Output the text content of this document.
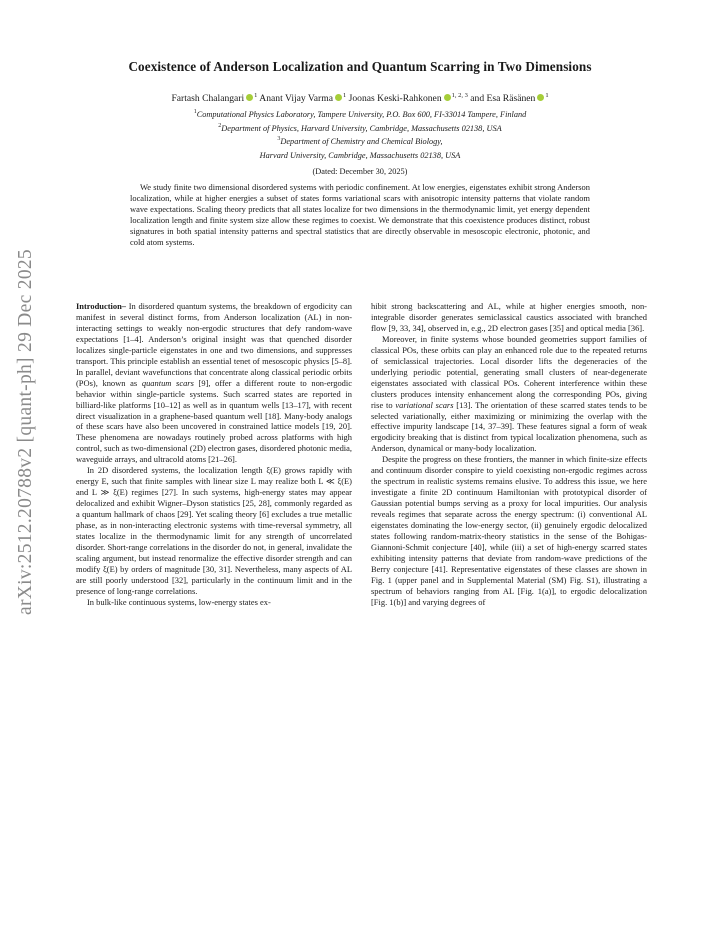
arXiv:2512.20788v2 [quant-ph] 29 Dec 2025
Coexistence of Anderson Localization and Quantum Scarring in Two Dimensions
Fartash Chalangari $^1$ Anant Vijay Varma $^1$ Joonas Keski-Rahkonen $^{1, 2, 3}$ and Esa Räsänen $^1$
$^1$Computational Physics Laboratory, Tampere University, P.O. Box 600, FI-33014 Tampere, Finland
$^2$Department of Physics, Harvard University, Cambridge, Massachusetts 02138, USA
$^3$Department of Chemistry and Chemical Biology,
Harvard University, Cambridge, Massachusetts 02138, USA
(Dated: December 30, 2025)
We study finite two dimensional disordered systems with periodic confinement. At low energies, eigenstates exhibit strong Anderson localization, while at higher energies a subset of states forms variational scars with anisotropic intensity patterns that violate random wave expectations. Scaling theory predicts that all states localize for two dimensions in the thermodynamic limit, yet energy dependent localization length and finite system size allow these regimes to coexist. We demonstrate that this coexistence produces distinct, robust signatures in both spatial intensity patterns and spectral statistics that are directly observable in mesoscopic electronic, photonic, and cold atom systems.

Introduction– In disordered quantum systems, the breakdown of ergodicity can manifest in several distinct forms, from Anderson localization (AL) in non-interacting settings to weakly non-ergodic structures that defy random-wave expectations [1–4]. Anderson’s original insight was that quenched disorder localizes single-particle eigenstates in one and two dimensions, and suppresses transport. This principle establish an essential tenet of mesoscopic physics [5–8]. In parallel, deviant wavefunctions that concentrate along classical periodic orbits (POs), known as quantum scars [9], offer a different route to non-ergodic behavior within single-particle systems. Such scarred states are reported in billiard-like platforms [10–12] as well as in quantum wells [13–17], with recent direct visualization in a graphene-based quantum well [18]. Many-body analogs of these scars have also been uncovered in constrained lattice models [19, 20]. These phenomena are nowadays routinely probed across platforms with high control, such as two-dimensional (2D) electron gases, disordered photonic media, waveguide arrays, and ultracold atoms [21–26].

In 2D disordered systems, the localization length ξ(E) grows rapidly with energy E, such that finite samples with linear size L may realize both L ≪ ξ(E) and L ≫ ξ(E) regimes [27]. In such systems, high-energy states may appear delocalized and exhibit Wigner–Dyson statistics [25, 28], commonly regarded as a quantum hallmark of chaos [29]. Yet scaling theory [6] excludes a true metallic phase, as in non-interacting electronic systems with time-reversal symmetry, all states localize in the thermodynamic limit for any strength of uncorrelated disorder. Short-range correlations in the disorder do not, in general, invalidate the scaling argument, but instead renormalize the effective disorder strength and can modify ξ(E) by orders of magnitude [30, 31]. Nevertheless, many aspects of AL are still poorly understood [32], particularly in the continuum limit and in the presence of long-range correlations.

In bulk-like continuous systems, low-energy states ex-

hibit strong backscattering and AL, while at higher energies smooth, non-integrable disorder generates semiclassical caustics associated with branched flow [9, 33, 34], observed in, e.g., 2D electron gases [35] and optical media [36].

Moreover, in finite systems whose bounded geometries support families of classical POs, these orbits can play an enhanced role due to the repeated returns of semiclassical trajectories. Local disorder lifts the degeneracies of the underlying periodic potential, generating small clusters of near-degenerate eigenstates associated with classical POs. Coherent interference within these clusters produces intensity enhancement along the corresponding POs, giving rise to variational scars [13]. The orientation of these scarred states tends to be selected variationally, either maximizing or minimizing the overlap with the effective impurity landscape [14, 37–39]. These features signal a form of weak ergodicity breaking that is distinct from typical localization phenomena, such as Anderson, dynamical or many-body localization.

Despite the progress on these frontiers, the manner in which finite-size effects and continuum disorder conspire to yield coexisting non-ergodic regimes across the spectrum in realistic systems remains elusive. To address this issue, we here investigate a finite 2D continuum Hamiltonian with prototypical disorder of Gaussian potential bumps serving as a proxy for local impurities. Our analysis reveals regimes that separate across the energy spectrum: (i) conventional AL eigenstates dominating the low-energy sector, (ii) genuinely ergodic delocalized states following random-matrix-theory statistics in the sense of the Bohigas-Giannoni-Schmit conjecture [40], while (iii) a set of high-energy scarred states exhibiting intensity patterns that deviate from random-wave predictions of the Berry conjecture [41]. Representative eigenstates of these classes are shown in Fig. 1 (upper panel and in Supplemental Material (SM) Fig. S1), illustrating a spectrum of behaviors ranging from AL [Fig. 1(a)], to ergodic delocalization [Fig. 1(b)] and varying degrees of
